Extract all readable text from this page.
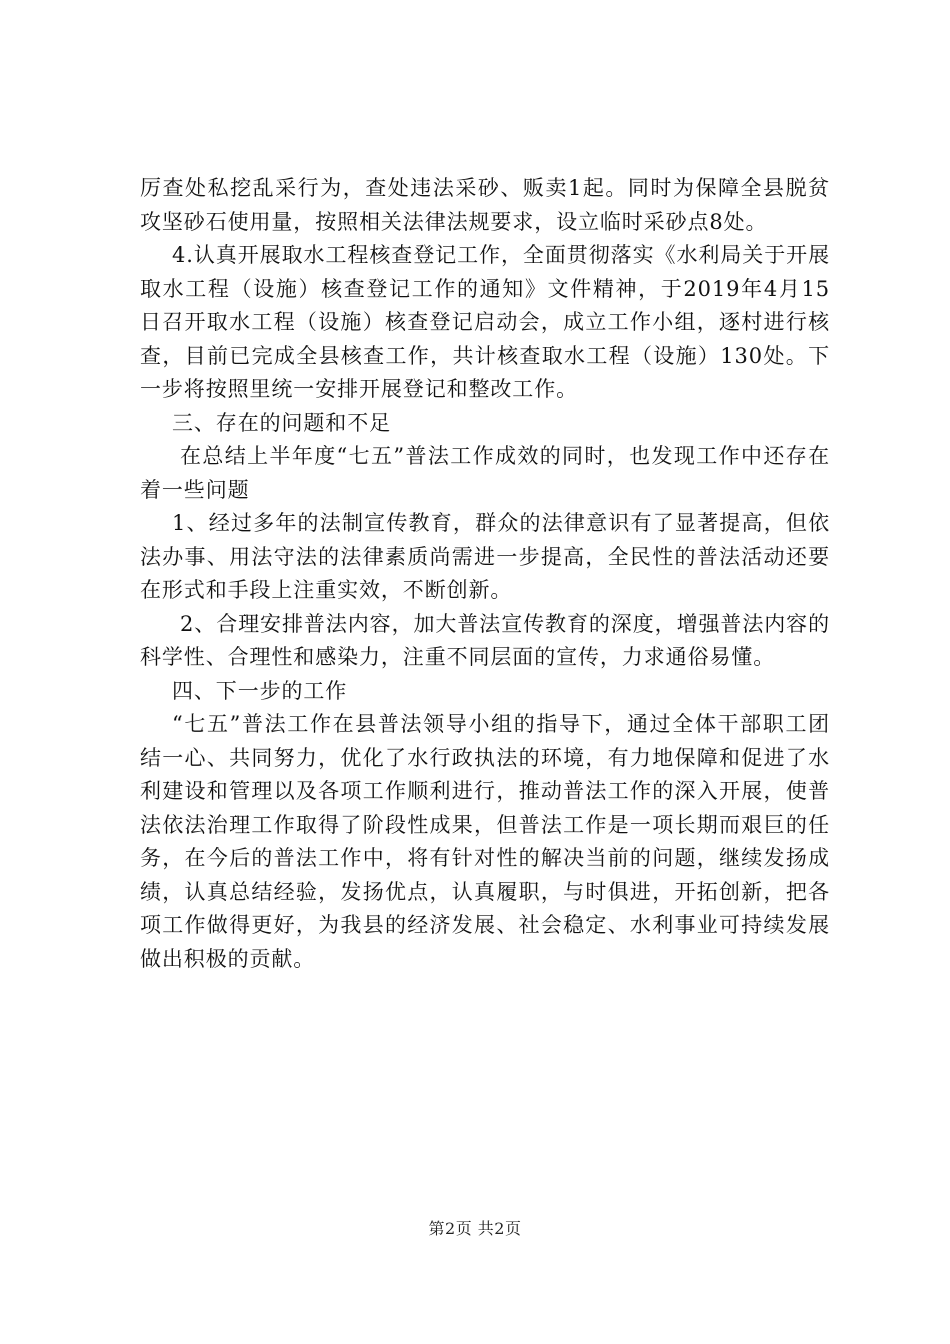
厉查处私挖乱采行为，查处违法采砂、贩卖1起。同时为保障全县脱贫攻坚砂石使用量，按照相关法律法规要求，设立临时采砂点8处。

4.认真开展取水工程核查登记工作，全面贯彻落实《水利局关于开展取水工程（设施）核查登记工作的通知》文件精神，于2019年4月15日召开取水工程（设施）核查登记启动会，成立工作小组，逐村进行核查，目前已完成全县核查工作，共计核查取水工程（设施）130处。下一步将按照里统一安排开展登记和整改工作。

三、存在的问题和不足

在总结上半年度“七五”普法工作成效的同时，也发现工作中还存在着一些问题

1、经过多年的法制宣传教育，群众的法律意识有了显著提高，但依法办事、用法守法的法律素质尚需进一步提高，全民性的普法活动还要在形式和手段上注重实效，不断创新。

2、合理安排普法内容，加大普法宣传教育的深度，增强普法内容的科学性、合理性和感染力，注重不同层面的宣传，力求通俗易懂。

四、下一步的工作

“七五”普法工作在县普法领导小组的指导下，通过全体干部职工团结一心、共同努力，优化了水行政执法的环境，有力地保障和促进了水利建设和管理以及各项工作顺利进行，推动普法工作的深入开展，使普法依法治理工作取得了阶段性成果，但普法工作是一项长期而艰巨的任务，在今后的普法工作中，将有针对性的解决当前的问题，继续发扬成绩，认真总结经验，发扬优点，认真履职，与时俱进，开拓创新，把各项工作做得更好，为我县的经济发展、社会稳定、水利事业可持续发展做出积极的贡献。

第2页 共2页
